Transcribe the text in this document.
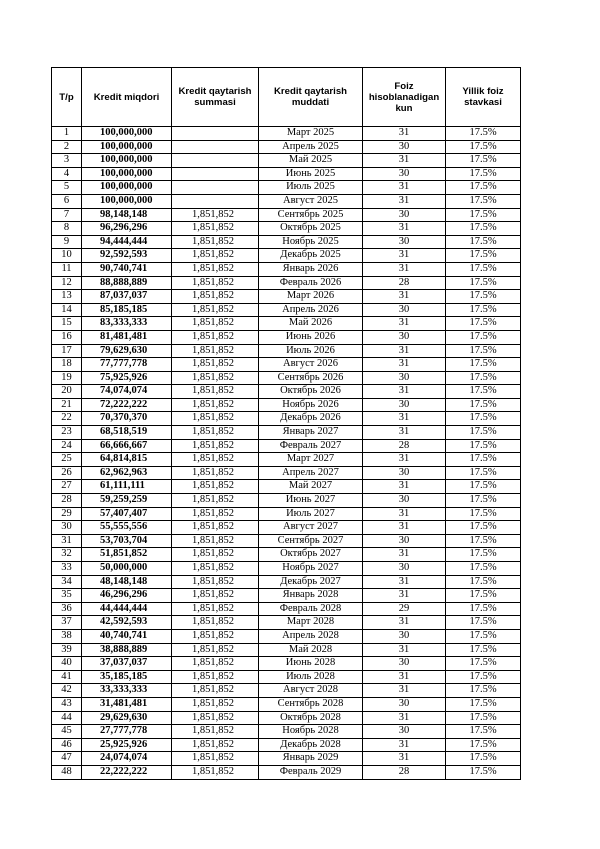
T/p	Kredit miqdori	Kredit qaytarish summasi	Kredit qaytarish muddati	Foiz hisoblanadigan kun	Yillik foiz stavkasi
1	100,000,000		Март 2025	31	17.5%
2	100,000,000		Апрель 2025	30	17.5%
3	100,000,000		Май 2025	31	17.5%
4	100,000,000		Июнь 2025	30	17.5%
5	100,000,000		Июль 2025	31	17.5%
6	100,000,000		Август 2025	31	17.5%
7	98,148,148	1,851,852	Сентябрь 2025	30	17.5%
8	96,296,296	1,851,852	Октябрь 2025	31	17.5%
9	94,444,444	1,851,852	Ноябрь 2025	30	17.5%
10	92,592,593	1,851,852	Декабрь 2025	31	17.5%
11	90,740,741	1,851,852	Январь 2026	31	17.5%
12	88,888,889	1,851,852	Февраль 2026	28	17.5%
13	87,037,037	1,851,852	Март 2026	31	17.5%
14	85,185,185	1,851,852	Апрель 2026	30	17.5%
15	83,333,333	1,851,852	Май 2026	31	17.5%
16	81,481,481	1,851,852	Июнь 2026	30	17.5%
17	79,629,630	1,851,852	Июль 2026	31	17.5%
18	77,777,778	1,851,852	Август 2026	31	17.5%
19	75,925,926	1,851,852	Сентябрь 2026	30	17.5%
20	74,074,074	1,851,852	Октябрь 2026	31	17.5%
21	72,222,222	1,851,852	Ноябрь 2026	30	17.5%
22	70,370,370	1,851,852	Декабрь 2026	31	17.5%
23	68,518,519	1,851,852	Январь 2027	31	17.5%
24	66,666,667	1,851,852	Февраль 2027	28	17.5%
25	64,814,815	1,851,852	Март 2027	31	17.5%
26	62,962,963	1,851,852	Апрель 2027	30	17.5%
27	61,111,111	1,851,852	Май 2027	31	17.5%
28	59,259,259	1,851,852	Июнь 2027	30	17.5%
29	57,407,407	1,851,852	Июль 2027	31	17.5%
30	55,555,556	1,851,852	Август 2027	31	17.5%
31	53,703,704	1,851,852	Сентябрь 2027	30	17.5%
32	51,851,852	1,851,852	Октябрь 2027	31	17.5%
33	50,000,000	1,851,852	Ноябрь 2027	30	17.5%
34	48,148,148	1,851,852	Декабрь 2027	31	17.5%
35	46,296,296	1,851,852	Январь 2028	31	17.5%
36	44,444,444	1,851,852	Февраль 2028	29	17.5%
37	42,592,593	1,851,852	Март 2028	31	17.5%
38	40,740,741	1,851,852	Апрель 2028	30	17.5%
39	38,888,889	1,851,852	Май 2028	31	17.5%
40	37,037,037	1,851,852	Июнь 2028	30	17.5%
41	35,185,185	1,851,852	Июль 2028	31	17.5%
42	33,333,333	1,851,852	Август 2028	31	17.5%
43	31,481,481	1,851,852	Сентябрь 2028	30	17.5%
44	29,629,630	1,851,852	Октябрь 2028	31	17.5%
45	27,777,778	1,851,852	Ноябрь 2028	30	17.5%
46	25,925,926	1,851,852	Декабрь 2028	31	17.5%
47	24,074,074	1,851,852	Январь 2029	31	17.5%
48	22,222,222	1,851,852	Февраль 2029	28	17.5%
